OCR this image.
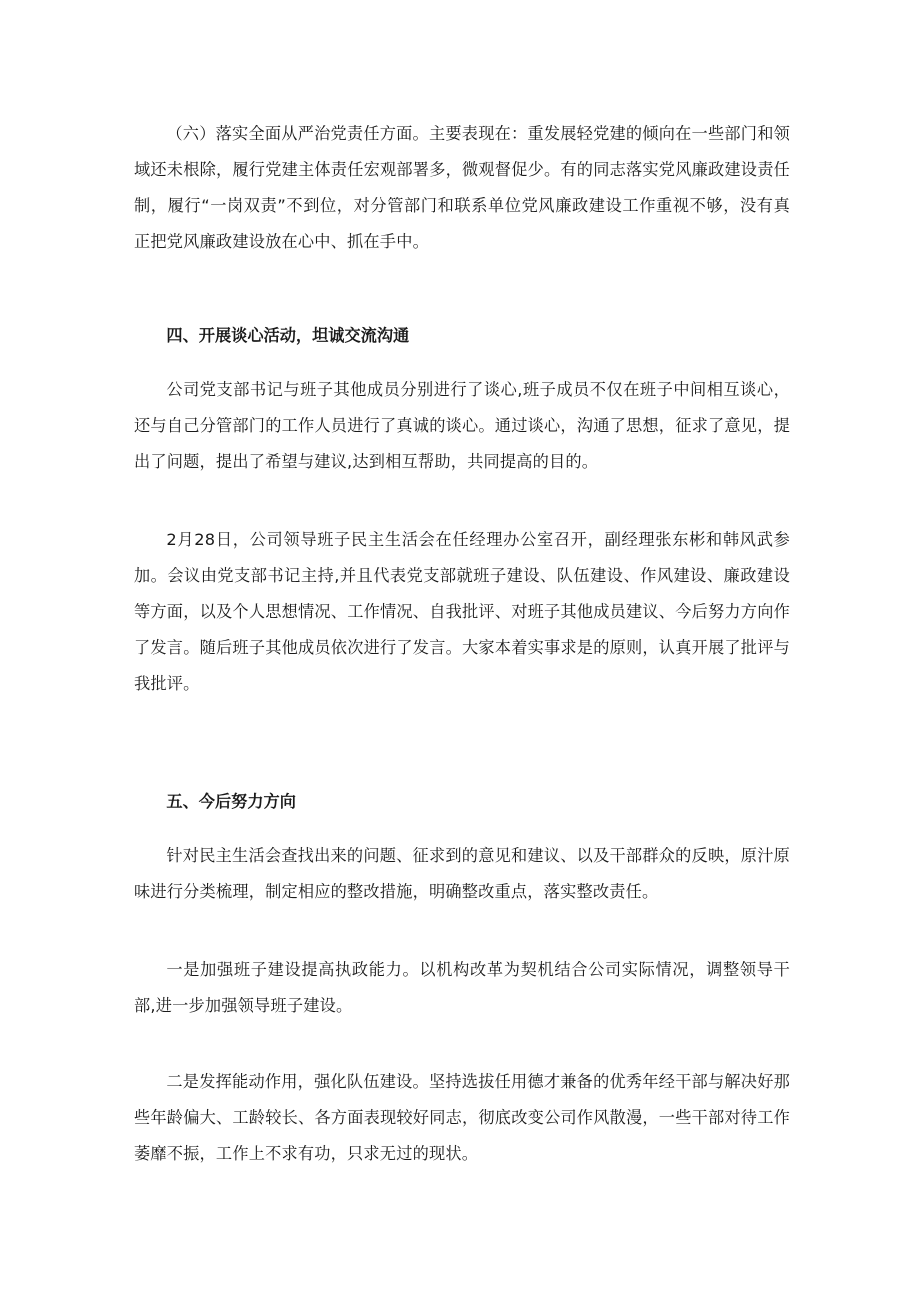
（六）落实全面从严治党责任方面。主要表现在：重发展轻党建的倾向在一些部门和领域还未根除，履行党建主体责任宏观部署多，微观督促少。有的同志落实党风廉政建设责任制，履行“一岗双责”不到位，对分管部门和联系单位党风廉政建设工作重视不够，没有真正把党风廉政建设放在心中、抓在手中。

四、开展谈心活动，坦诚交流沟通

公司党支部书记与班子其他成员分别进行了谈心,班子成员不仅在班子中间相互谈心，还与自己分管部门的工作人员进行了真诚的谈心。通过谈心，沟通了思想，征求了意见，提出了问题，提出了希望与建议,达到相互帮助，共同提高的目的。

2月28日，公司领导班子民主生活会在任经理办公室召开，副经理张东彬和韩风武参加。会议由党支部书记主持,并且代表党支部就班子建设、队伍建设、作风建设、廉政建设等方面，以及个人思想情况、工作情况、自我批评、对班子其他成员建议、今后努力方向作了发言。随后班子其他成员依次进行了发言。大家本着实事求是的原则，认真开展了批评与我批评。

五、今后努力方向

针对民主生活会查找出来的问题、征求到的意见和建议、以及干部群众的反映，原汁原味进行分类梳理，制定相应的整改措施，明确整改重点，落实整改责任。

一是加强班子建设提高执政能力。以机构改革为契机结合公司实际情况，调整领导干部,进一步加强领导班子建设。

二是发挥能动作用，强化队伍建设。坚持选拔任用德才兼备的优秀年经干部与解决好那些年龄偏大、工龄较长、各方面表现较好同志，彻底改变公司作风散漫，一些干部对待工作萎靡不振，工作上不求有功，只求无过的现状。
